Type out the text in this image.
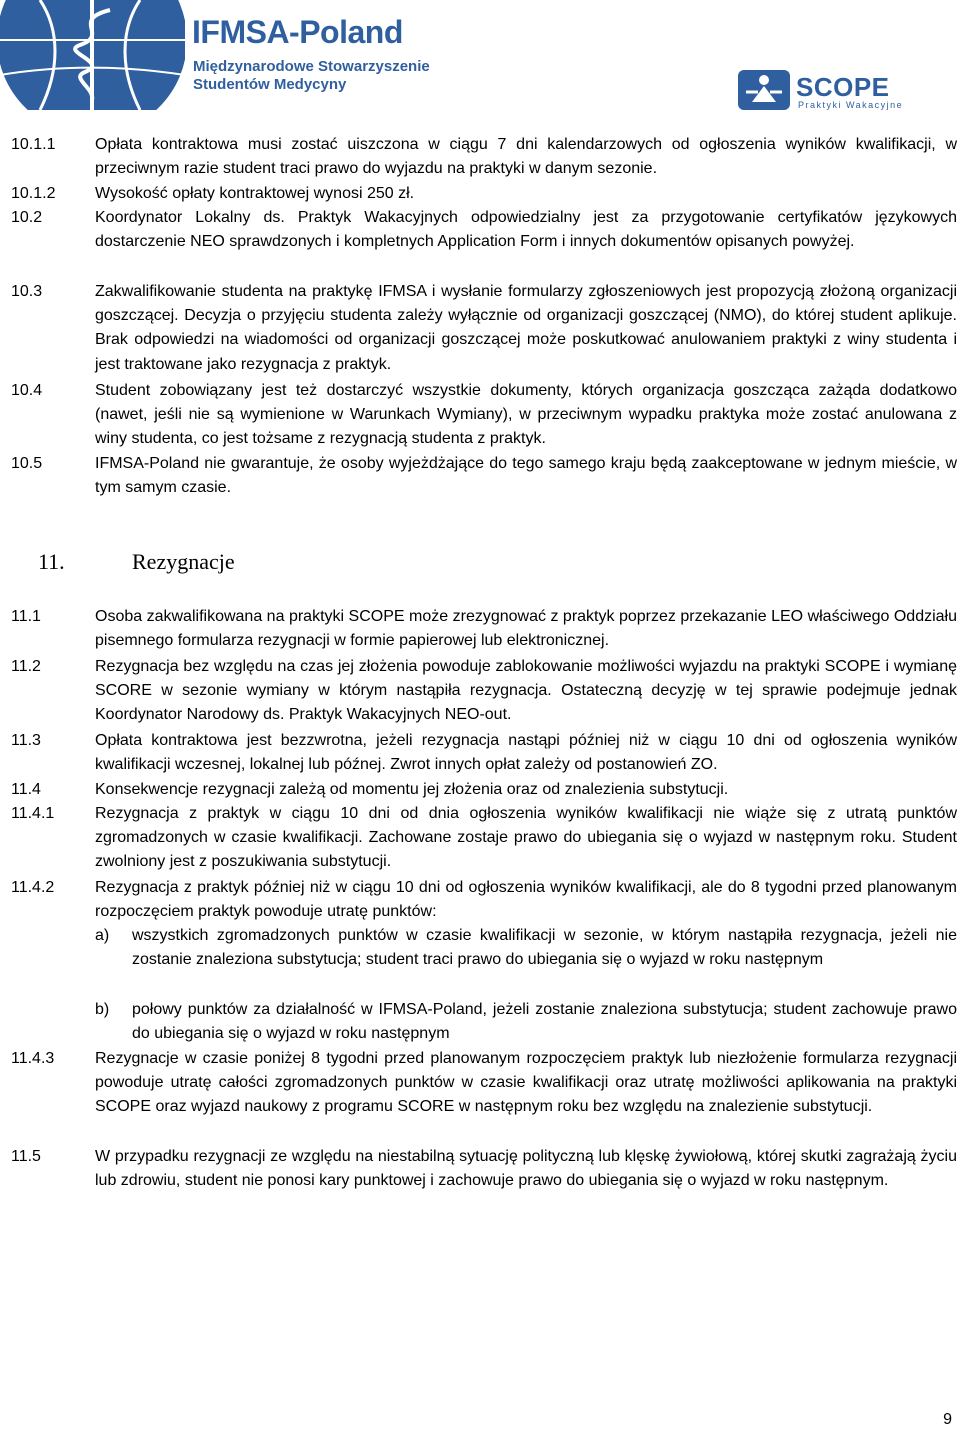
IFMSA-Poland
Międzynarodowe Stowarzyszenie Studentów Medycyny	SCOPE
Praktyki Wakacyjne
10.1.1 Opłata kontraktowa musi zostać uiszczona w ciągu 7 dni kalendarzowych od ogłoszenia wyników kwalifikacji, w przeciwnym razie student traci prawo do wyjazdu na praktyki w danym sezonie.
10.1.2 Wysokość opłaty kontraktowej wynosi 250 zł.
10.2	Koordynator Lokalny ds. Praktyk Wakacyjnych odpowiedzialny jest za przygotowanie certyfikatów językowych dostarczenie NEO sprawdzonych i kompletnych Application Form i innych dokumentów opisanych powyżej.
10.3	Zakwalifikowanie studenta na praktykę IFMSA i wysłanie formularzy zgłoszeniowych jest propozycją złożoną organizacji goszczącej. Decyzja o przyjęciu studenta zależy wyłącznie od organizacji goszczącej (NMO), do której student aplikuje. Brak odpowiedzi na wiadomości od organizacji goszczącej może poskutkować anulowaniem praktyki z winy studenta i jest traktowane jako rezygnacja z praktyk.
10.4	Student zobowiązany jest też dostarczyć wszystkie dokumenty, których organizacja goszcząca zażąda dodatkowo (nawet, jeśli nie są wymienione w Warunkach Wymiany), w przeciwnym wypadku praktyka może zostać anulowana z winy studenta, co jest tożsame z rezygnacją studenta z praktyk.
10.5	IFMSA-Poland nie gwarantuje, że osoby wyjeżdżające do tego samego kraju będą zaakceptowane w jednym mieście, w tym samym czasie.
11.	Rezygnacje
11.1	Osoba zakwalifikowana na praktyki SCOPE może zrezygnować z praktyk poprzez przekazanie LEO właściwego Oddziału pisemnego formularza rezygnacji w formie papierowej lub elektronicznej.
11.2	Rezygnacja bez względu na czas jej złożenia powoduje zablokowanie możliwości wyjazdu na praktyki SCOPE i wymianę SCORE w sezonie wymiany w którym nastąpiła rezygnacja. Ostateczną decyzję w tej sprawie podejmuje jednak Koordynator Narodowy ds. Praktyk Wakacyjnych NEO-out.
11.3	Opłata kontraktowa jest bezzwrotna, jeżeli rezygnacja nastąpi później niż w ciągu 10 dni od ogłoszenia wyników kwalifikacji wczesnej, lokalnej lub późnej. Zwrot innych opłat zależy od postanowień ZO.
11.4	Konsekwencje rezygnacji zależą od momentu jej złożenia oraz od znalezienia substytucji.
11.4.1	Rezygnacja z praktyk w ciągu 10 dni od dnia ogłoszenia wyników kwalifikacji nie wiąże się z utratą punktów zgromadzonych w czasie kwalifikacji. Zachowane zostaje prawo do ubiegania się o wyjazd w następnym roku. Student zwolniony jest z poszukiwania substytucji.
11.4.2	Rezygnacja z praktyk później niż w ciągu 10 dni od ogłoszenia wyników kwalifikacji, ale do 8 tygodni przed planowanym rozpoczęciem praktyk powoduje utratę punktów:
a) wszystkich zgromadzonych punktów w czasie kwalifikacji w sezonie, w którym nastąpiła rezygnacja, jeżeli nie zostanie znaleziona substytucja; student traci prawo do ubiegania się o wyjazd w roku następnym
b) połowy punktów za działalność w IFMSA-Poland, jeżeli zostanie znaleziona substytucja; student zachowuje prawo do ubiegania się o wyjazd w roku następnym
11.4.3	Rezygnacje w czasie poniżej 8 tygodni przed planowanym rozpoczęciem praktyk lub niezłożenie formularza rezygnacji powoduje utratę całości zgromadzonych punktów w czasie kwalifikacji oraz utratę możliwości aplikowania na praktyki SCOPE oraz wyjazd naukowy z programu SCORE w następnym roku bez względu na znalezienie substytucji.
11.5	W przypadku rezygnacji ze względu na niestabilną sytuację polityczną lub klęskę żywiołową, której skutki zagrażają życiu lub zdrowiu, student nie ponosi kary punktowej i zachowuje prawo do ubiegania się o wyjazd w roku następnym.
9
